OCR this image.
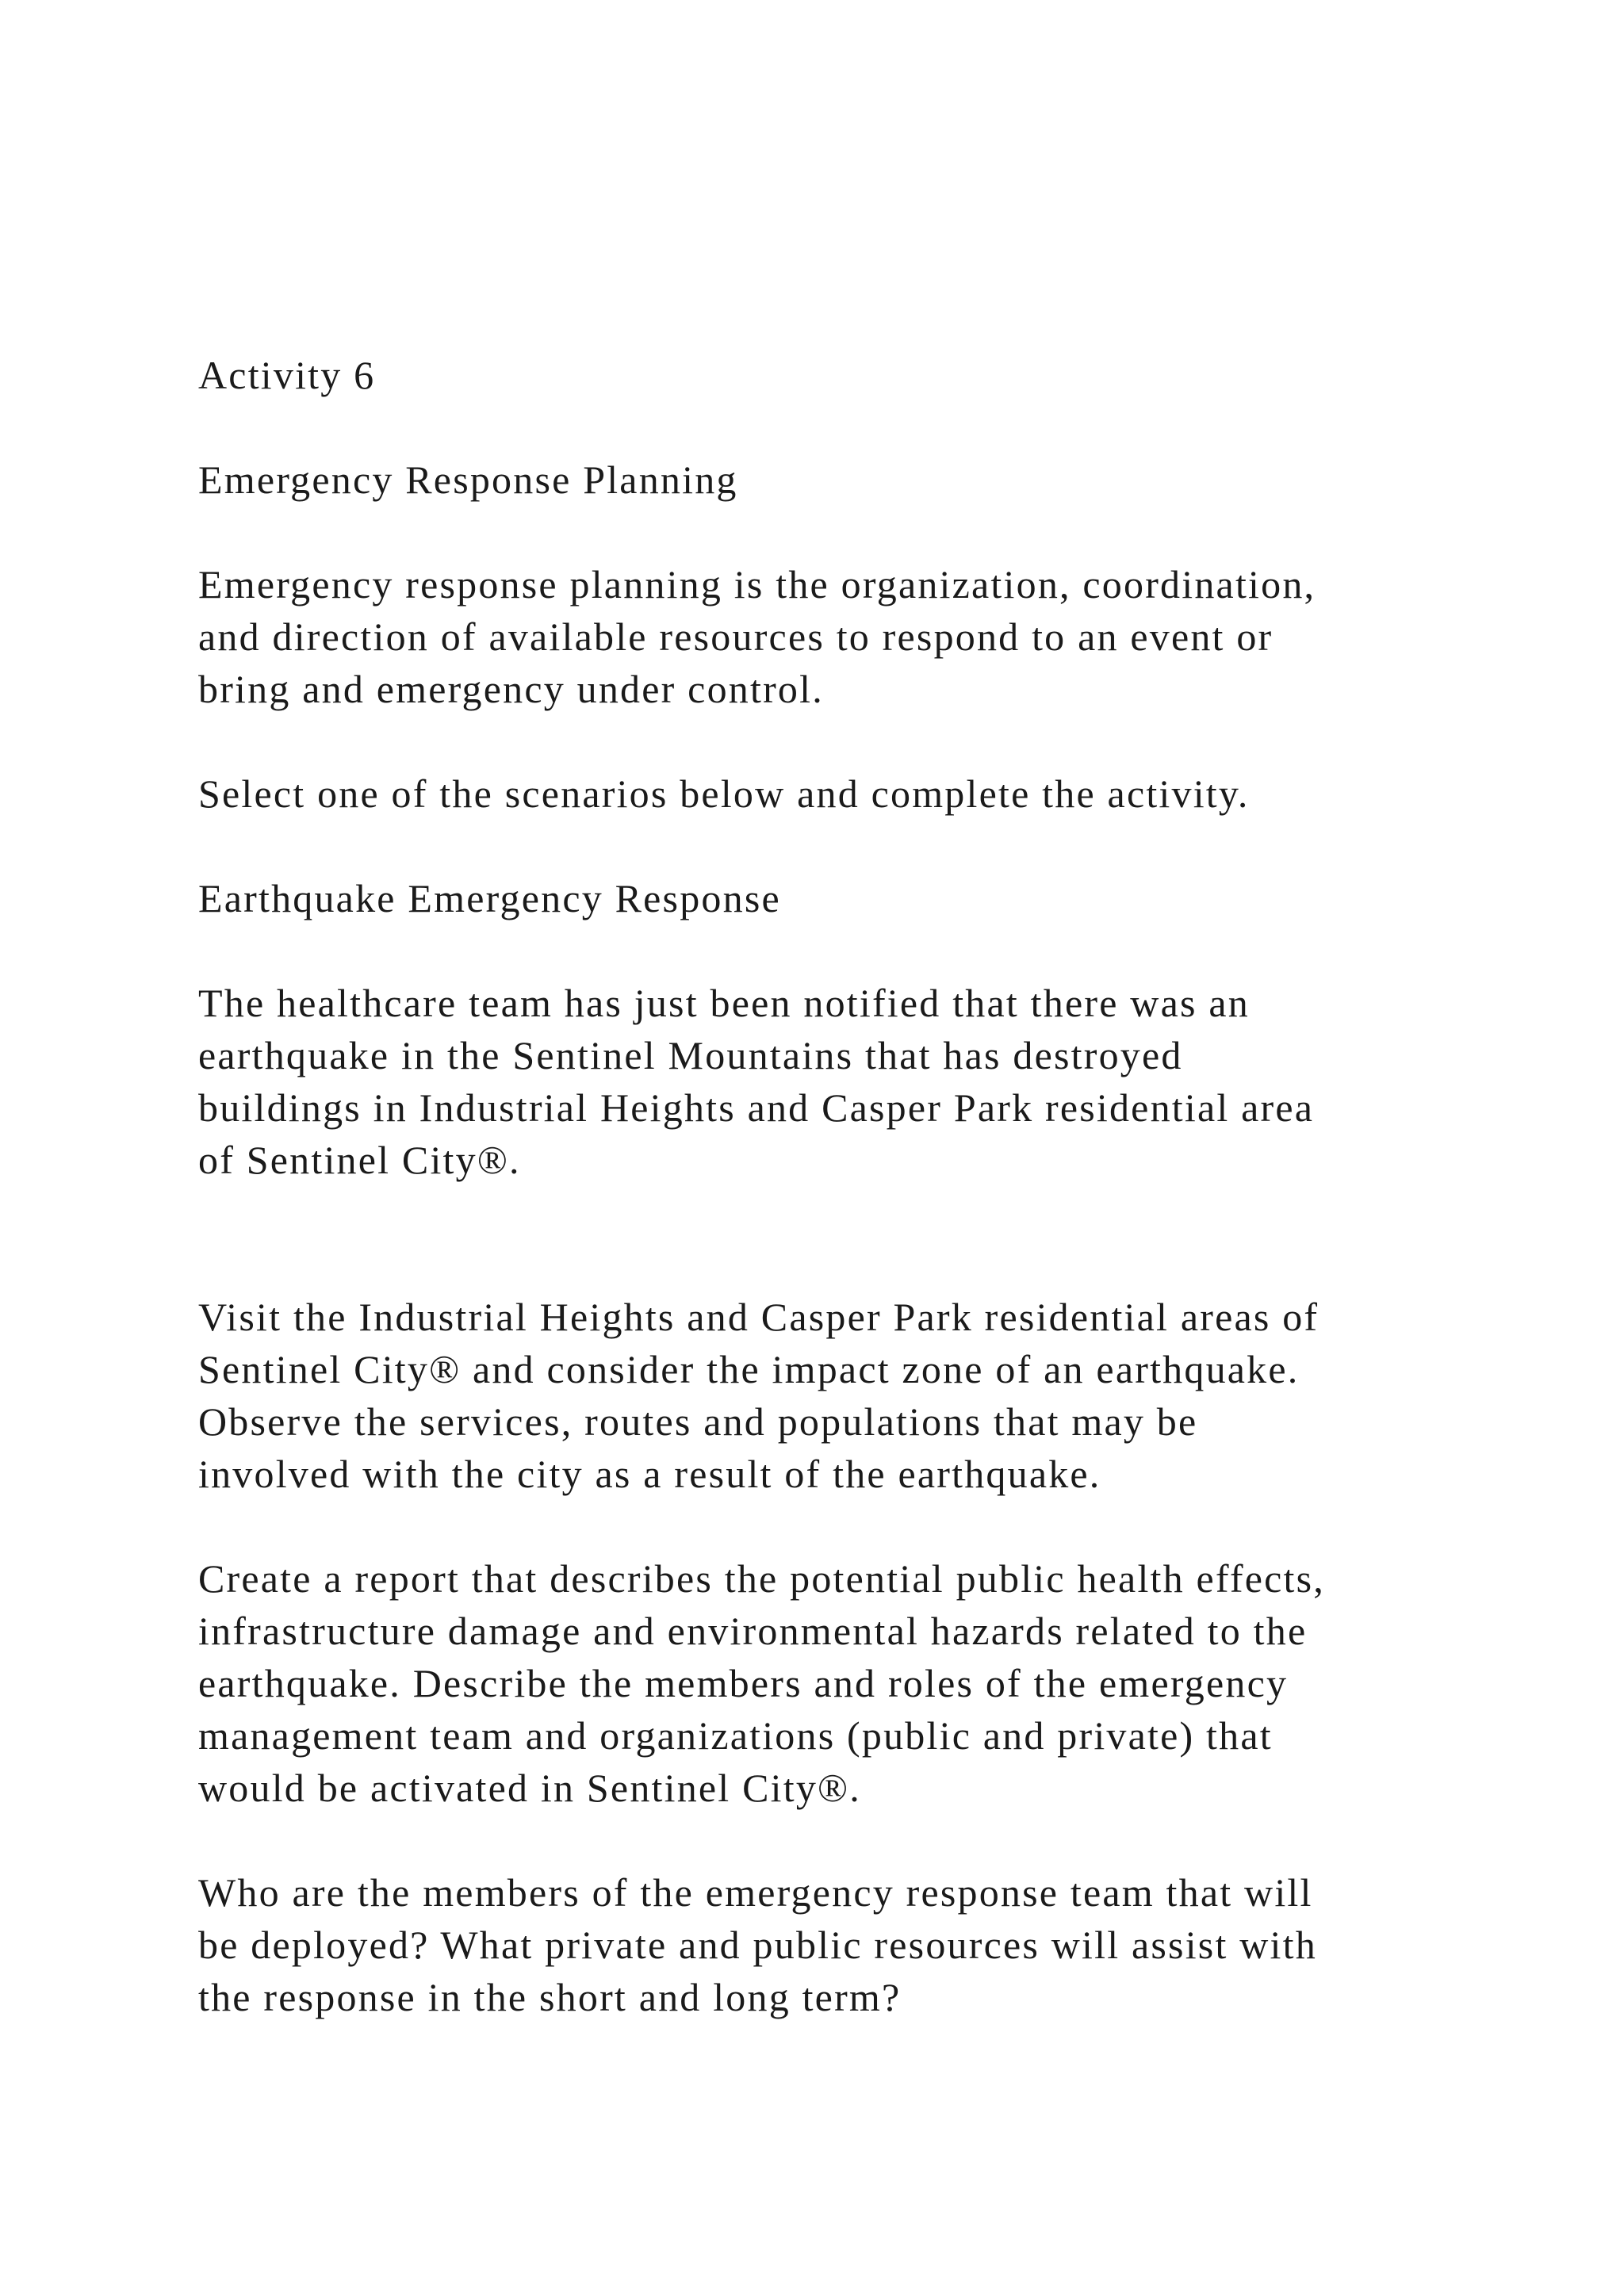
Activity 6

Emergency Response Planning

Emergency response planning is the organization, coordination,
and direction of available resources to respond to an event or
bring and emergency under control.

Select one of the scenarios below and complete the activity.

Earthquake Emergency Response

The healthcare team has just been notified that there was an
earthquake in the Sentinel Mountains that has destroyed
buildings in Industrial Heights and Casper Park residential area
of Sentinel City®.

Visit the Industrial Heights and Casper Park residential areas of
Sentinel City® and consider the impact zone of an earthquake.
Observe the services, routes and populations that may be
involved with the city as a result of the earthquake.

Create a report that describes the potential public health effects,
infrastructure damage and environmental hazards related to the
earthquake. Describe the members and roles of the emergency
management team and organizations (public and private) that
would be activated in Sentinel City®.

Who are the members of the emergency response team that will
be deployed? What private and public resources will assist with
the response in the short and long term?
